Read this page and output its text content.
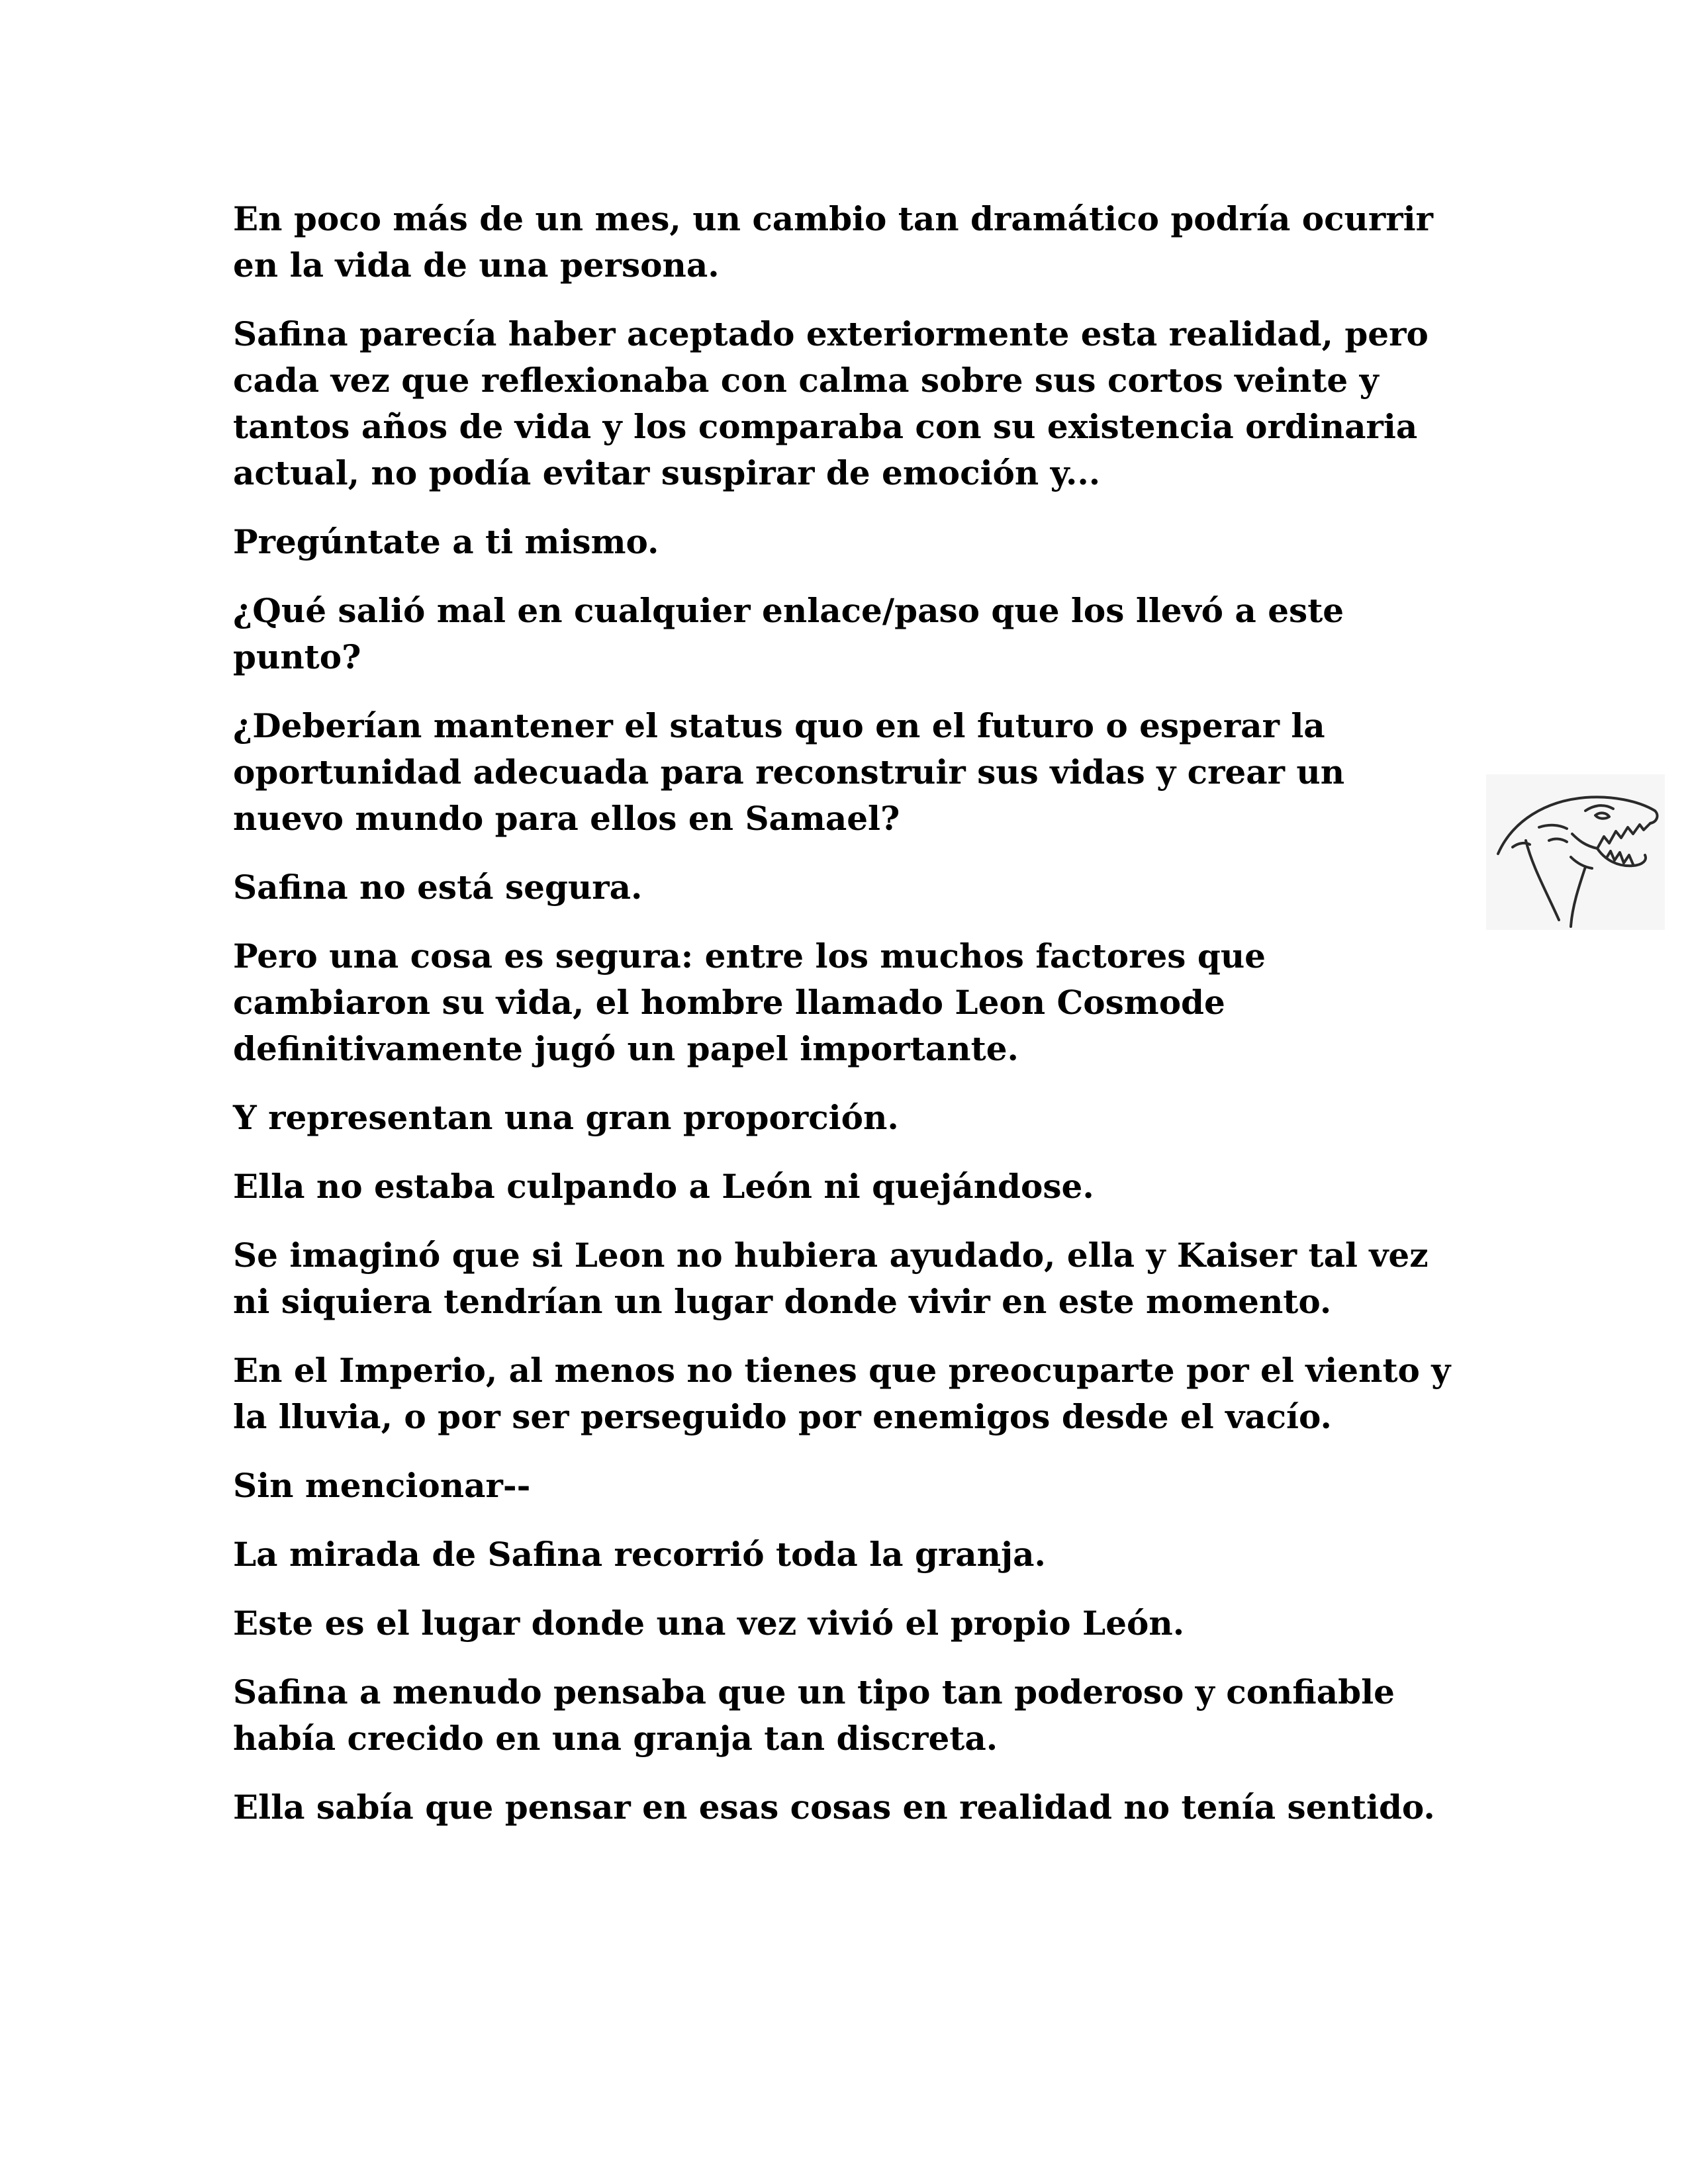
En poco más de un mes, un cambio tan dramático podría ocurrir en la vida de una persona.

Safina parecía haber aceptado exteriormente esta realidad, pero cada vez que reflexionaba con calma sobre sus cortos veinte y tantos años de vida y los comparaba con su existencia ordinaria actual, no podía evitar suspirar de emoción y...

Pregúntate a ti mismo.

¿Qué salió mal en cualquier enlace/paso que los llevó a este punto?

¿Deberían mantener el status quo en el futuro o esperar la oportunidad adecuada para reconstruir sus vidas y crear un nuevo mundo para ellos en Samael?

Safina no está segura.

Pero una cosa es segura: entre los muchos factores que cambiaron su vida, el hombre llamado Leon Cosmode definitivamente jugó un papel importante.

Y representan una gran proporción.

Ella no estaba culpando a León ni quejándose.

Se imaginó que si Leon no hubiera ayudado, ella y Kaiser tal vez ni siquiera tendrían un lugar donde vivir en este momento.

En el Imperio, al menos no tienes que preocuparte por el viento y la lluvia, o por ser perseguido por enemigos desde el vacío.

Sin mencionar--

La mirada de Safina recorrió toda la granja.

Este es el lugar donde una vez vivió el propio León.

Safina a menudo pensaba que un tipo tan poderoso y confiable había crecido en una granja tan discreta.

Ella sabía que pensar en esas cosas en realidad no tenía sentido.
